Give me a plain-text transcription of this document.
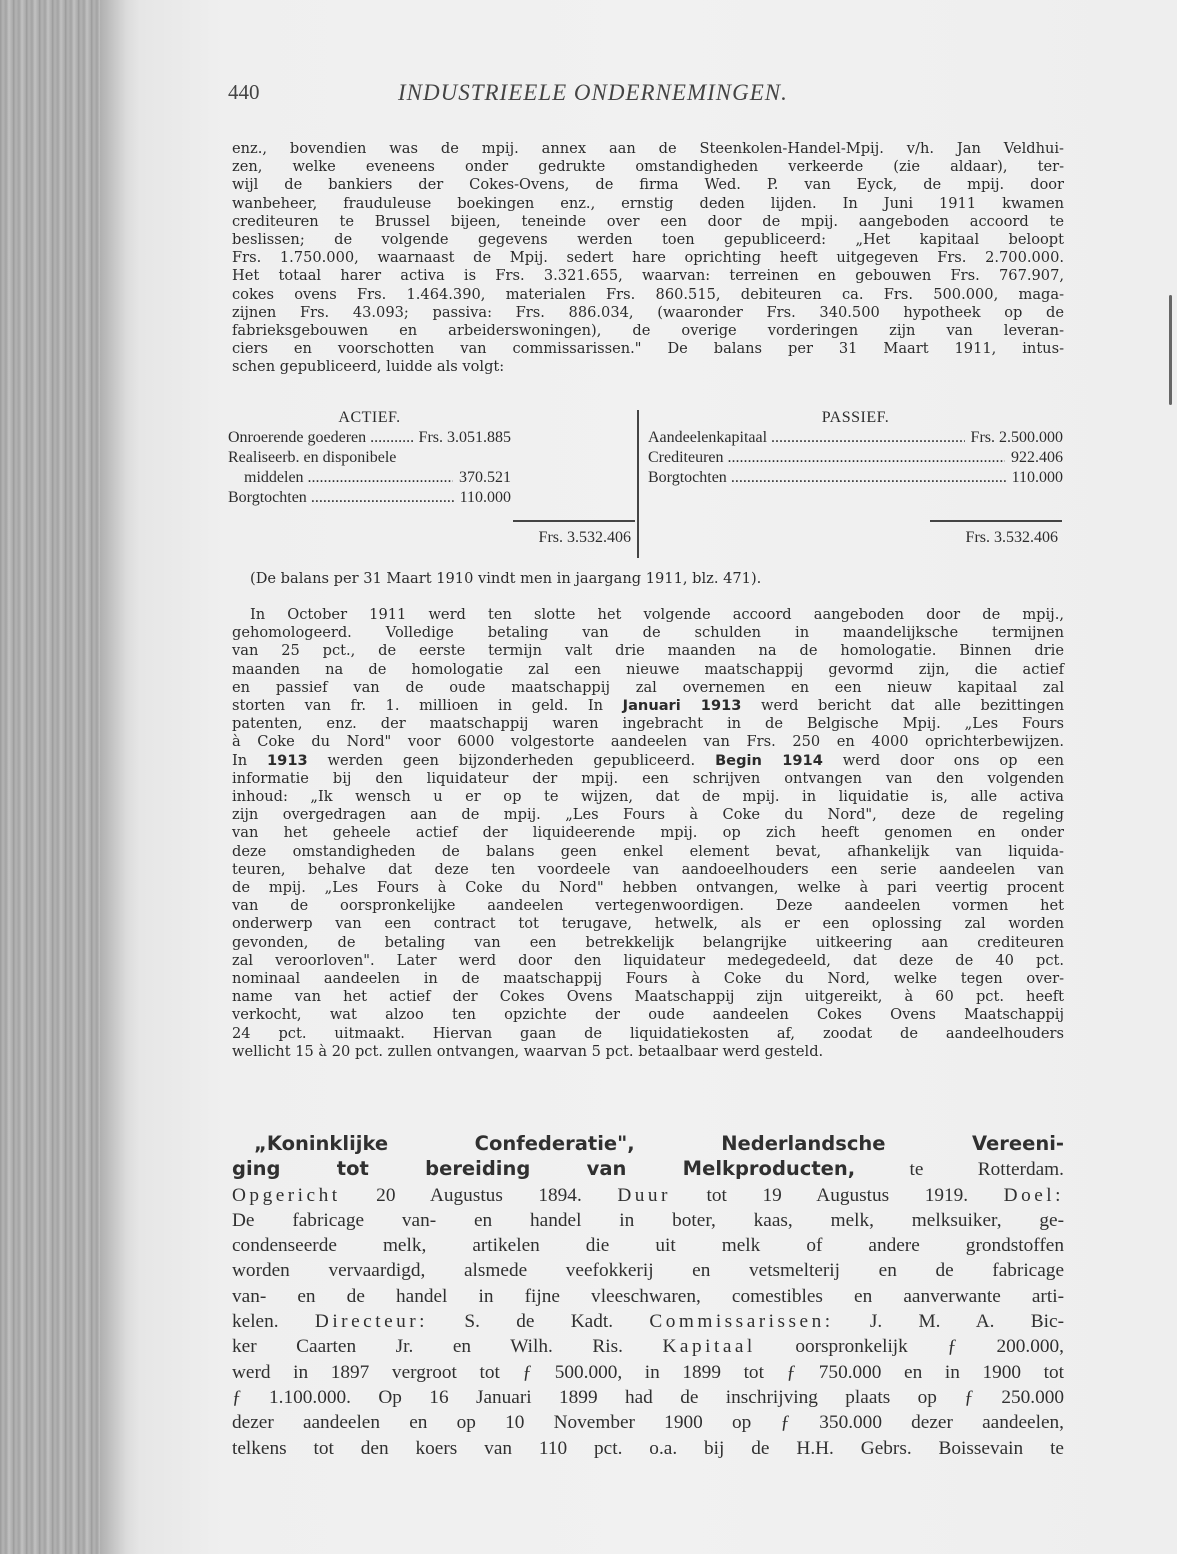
440	INDUSTRIEELE ONDERNEMINGEN.
enz., bovendien was de mpij. annex aan de Steenkolen-Handel-Mpij. v/h. Jan Veldhui-
zen, welke eveneens onder gedrukte omstandigheden verkeerde (zie aldaar), ter-
wijl de bankiers der Cokes-Ovens, de firma Wed. P. van Eyck, de mpij. door
wanbeheer, frauduleuse boekingen enz., ernstig deden lijden. In Juni 1911 kwamen
crediteuren te Brussel bijeen, teneinde over een door de mpij. aangeboden accoord te
beslissen; de volgende gegevens werden toen gepubliceerd: „Het kapitaal beloopt
Frs. 1.750.000, waarnaast de Mpij. sedert hare oprichting heeft uitgegeven Frs. 2.700.000.
Het totaal harer activa is Frs. 3.321.655, waarvan: terreinen en gebouwen Frs. 767.907,
cokes ovens Frs. 1.464.390, materialen Frs. 860.515, debiteuren ca. Frs. 500.000, maga-
zijnen Frs. 43.093; passiva: Frs. 886.034, (waaronder Frs. 340.500 hypotheek op de
fabrieksgebouwen en arbeiderswoningen), de overige vorderingen zijn van leveran-
ciers en voorschotten van commissarissen." De balans per 31 Maart 1911, intus-
schen gepubliceerd, luidde als volgt:
ACTIEF.
Onroerende goederen .....	Frs. 3.051.885
Realiseerb. en disponibele
middelen .....	370.521
Borgtochten .....	110.000
PASSIEF.
Aandeelenkapitaal .....	Frs. 2.500.000
Crediteuren .....	922.406
Borgtochten .....	110.000
Frs. 3.532.406	Frs. 3.532.406
(De balans per 31 Maart 1910 vindt men in jaargang 1911, blz. 471).
In October 1911 werd ten slotte het volgende accoord aangeboden door de mpij.,
gehomologeerd. Volledige betaling van de schulden in maandelijksche termijnen
van 25 pct., de eerste termijn valt drie maanden na de homologatie. Binnen drie
maanden na de homologatie zal een nieuwe maatschappij gevormd zijn, die actief
en passief van de oude maatschappij zal overnemen en een nieuw kapitaal zal
storten van fr. 1. millioen in geld. In Januari 1913 werd bericht dat alle bezittingen
patenten, enz. der maatschappij waren ingebracht in de Belgische Mpij. „Les Fours
à Coke du Nord" voor 6000 volgestorte aandeelen van Frs. 250 en 4000 oprichterbewijzen.
In 1913 werden geen bijzonderheden gepubliceerd. Begin 1914 werd door ons op een
informatie bij den liquidateur der mpij. een schrijven ontvangen van den volgenden
inhoud: „Ik wensch u er op te wijzen, dat de mpij. in liquidatie is, alle activa
zijn overgedragen aan de mpij. „Les Fours à Coke du Nord", deze de regeling
van het geheele actief der liquideerende mpij. op zich heeft genomen en onder
deze omstandigheden de balans geen enkel element bevat, afhankelijk van liquida-
teuren, behalve dat deze ten voordeele van aandoeelhouders een serie aandeelen van
de mpij. „Les Fours à Coke du Nord" hebben ontvangen, welke à pari veertig procent
van de oorspronkelijke aandeelen vertegenwoordigen. Deze aandeelen vormen het
onderwerp van een contract tot terugave, hetwelk, als er een oplossing zal worden
gevonden, de betaling van een betrekkelijk belangrijke uitkeering aan crediteuren
zal veroorloven". Later werd door den liquidateur medegedeeld, dat deze de 40 pct.
nominaal aandeelen in de maatschappij Fours à Coke du Nord, welke tegen over-
name van het actief der Cokes Ovens Maatschappij zijn uitgereikt, à 60 pct. heeft
verkocht, wat alzoo ten opzichte der oude aandeelen Cokes Ovens Maatschappij
24 pct. uitmaakt. Hiervan gaan de liquidatiekosten af, zoodat de aandeelhouders
wellicht 15 à 20 pct. zullen ontvangen, waarvan 5 pct. betaalbaar werd gesteld.
„Koninklijke Confederatie", Nederlandsche Vereeni-
ging tot bereiding van Melkproducten, te Rotterdam.
Opgericht 20 Augustus 1894. Duur tot 19 Augustus 1919. Doel:
De fabricage van- en handel in boter, kaas, melk, melksuiker, ge-
condenseerde melk, artikelen die uit melk of andere grondstoffen
worden vervaardigd, alsmede veefokkerij en vetsmelterij en de fabricage
van- en de handel in fijne vleeschwaren, comestibles en aanverwante arti-
kelen. Directeur: S. de Kadt. Commissarissen: J. M. A. Bic-
ker Caarten Jr. en Wilh. Ris. Kapitaal oorspronkelijk ƒ 200.000,
werd in 1897 vergroot tot ƒ 500.000, in 1899 tot ƒ 750.000 en in 1900 tot
ƒ 1.100.000. Op 16 Januari 1899 had de inschrijving plaats op ƒ 250.000
dezer aandeelen en op 10 November 1900 op ƒ 350.000 dezer aandeelen,
telkens tot den koers van 110 pct. o.a. bij de H.H. Gebrs. Boissevain te
